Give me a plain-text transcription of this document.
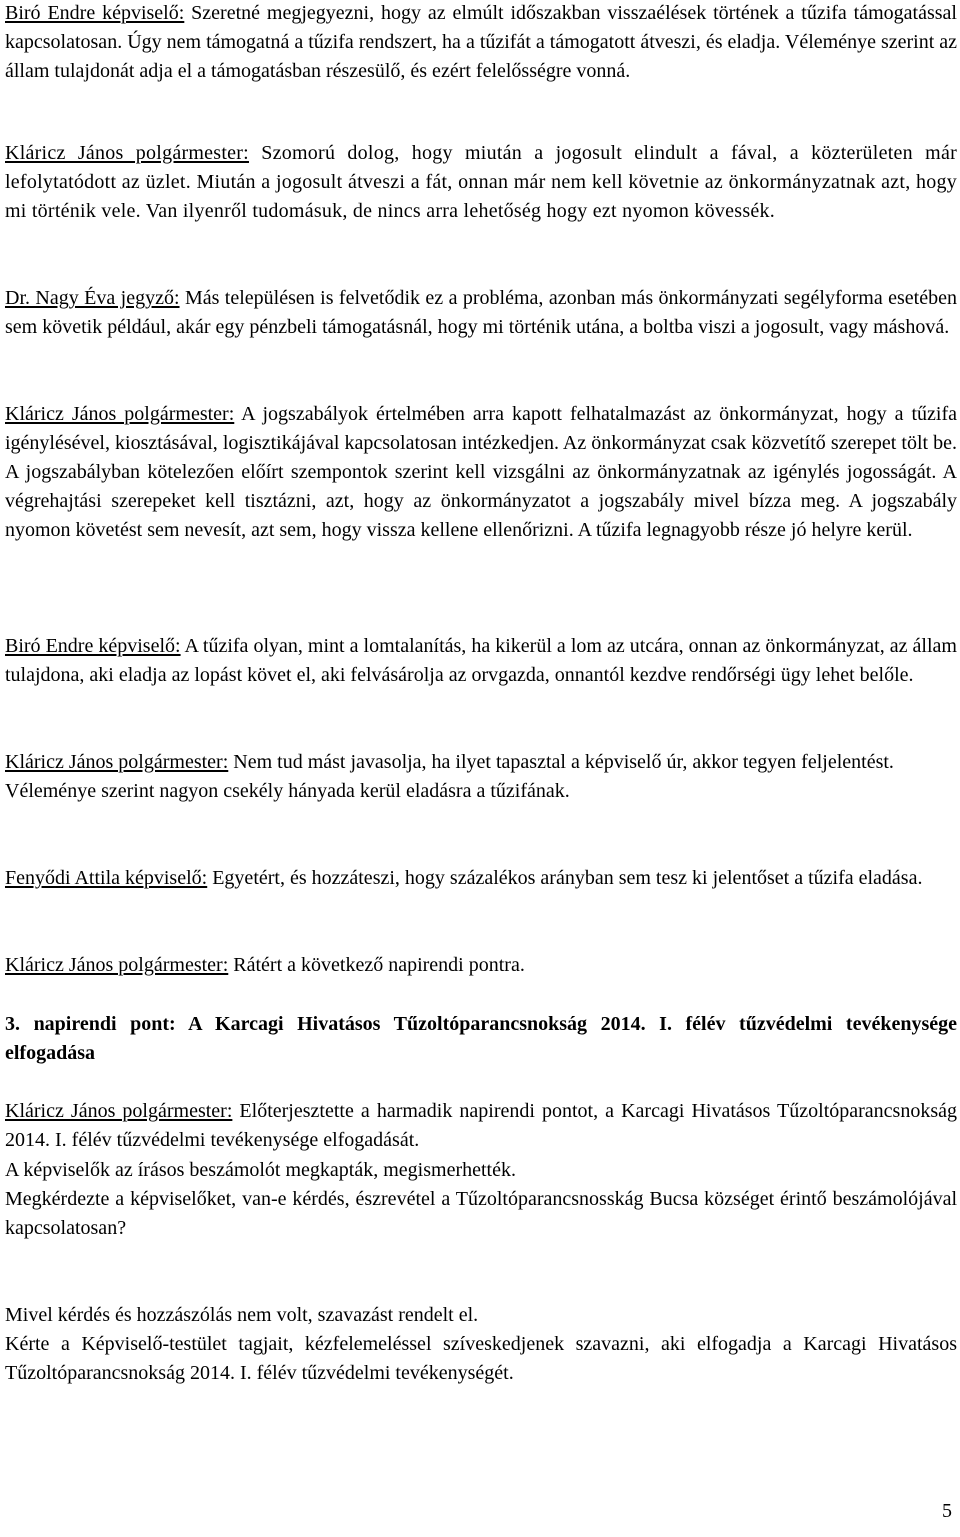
Biró Endre képviselő: Szeretné megjegyezni, hogy az elmúlt időszakban visszaélések történek a tűzifa támogatással kapcsolatosan. Úgy nem támogatná a tűzifa rendszert, ha a tűzifát a támogatott átveszi, és eladja. Véleménye szerint az állam tulajdonát adja el a támogatásban részesülő, és ezért felelősségre vonná.

Kláricz János polgármester: Szomorú dolog, hogy miután a jogosult elindult a fával, a közterületen már lefolytatódott az üzlet. Miután a jogosult átveszi a fát, onnan már nem kell követnie az önkormányzatnak azt, hogy mi történik vele. Van ilyenről tudomásuk, de nincs arra lehetőség hogy ezt nyomon kövessék.

Dr. Nagy Éva jegyző: Más településen is felvetődik ez a probléma, azonban más önkormányzati segélyforma esetében sem követik például, akár egy pénzbeli támogatásnál, hogy mi történik utána, a boltba viszi a jogosult, vagy máshová.

Kláricz János polgármester: A jogszabályok értelmében arra kapott felhatalmazást az önkormányzat, hogy a tűzifa igénylésével, kiosztásával, logisztikájával kapcsolatosan intézkedjen. Az önkormányzat csak közvetítő szerepet tölt be. A jogszabályban kötelezően előírt szempontok szerint kell vizsgálni az önkormányzatnak az igénylés jogosságát. A végrehajtási szerepeket kell tisztázni, azt, hogy az önkormányzatot a jogszabály mivel bízza meg. A jogszabály nyomon követést sem nevesít, azt sem, hogy vissza kellene ellenőrizni. A tűzifa legnagyobb része jó helyre kerül.

Biró Endre képviselő: A tűzifa olyan, mint a lomtalanítás, ha kikerül a lom az utcára, onnan az önkormányzat, az állam tulajdona, aki eladja az lopást követ el, aki felvásárolja az orvgazda, onnantól kezdve rendőrségi ügy lehet belőle.

Kláricz János polgármester: Nem tud mást javasolja, ha ilyet tapasztal a képviselő úr, akkor tegyen feljelentést.

Véleménye szerint nagyon csekély hányada kerül eladásra a tűzifának.

Fenyődi Attila képviselő: Egyetért, és hozzáteszi, hogy százalékos arányban sem tesz ki jelentőset a tűzifa eladása.

Kláricz János polgármester: Rátért a következő napirendi pontra.

3. napirendi pont: A Karcagi Hivatásos Tűzoltóparancsnokság 2014. I. félév tűzvédelmi tevékenysége elfogadása

Kláricz János polgármester: Előterjesztette a harmadik napirendi pontot, a Karcagi Hivatásos Tűzoltóparancsnokság 2014. I. félév tűzvédelmi tevékenysége elfogadását.

A képviselők az írásos beszámolót megkapták, megismerhették.

Megkérdezte a képviselőket, van-e kérdés, észrevétel a Tűzoltóparancsnosskág Bucsa községet érintő beszámolójával kapcsolatosan?

Mivel kérdés és hozzászólás nem volt, szavazást rendelt el.

Kérte a Képviselő-testület tagjait, kézfelemeléssel szíveskedjenek szavazni, aki elfogadja a Karcagi Hivatásos Tűzoltóparancsnokság 2014. I. félév tűzvédelmi tevékenységét.

5
